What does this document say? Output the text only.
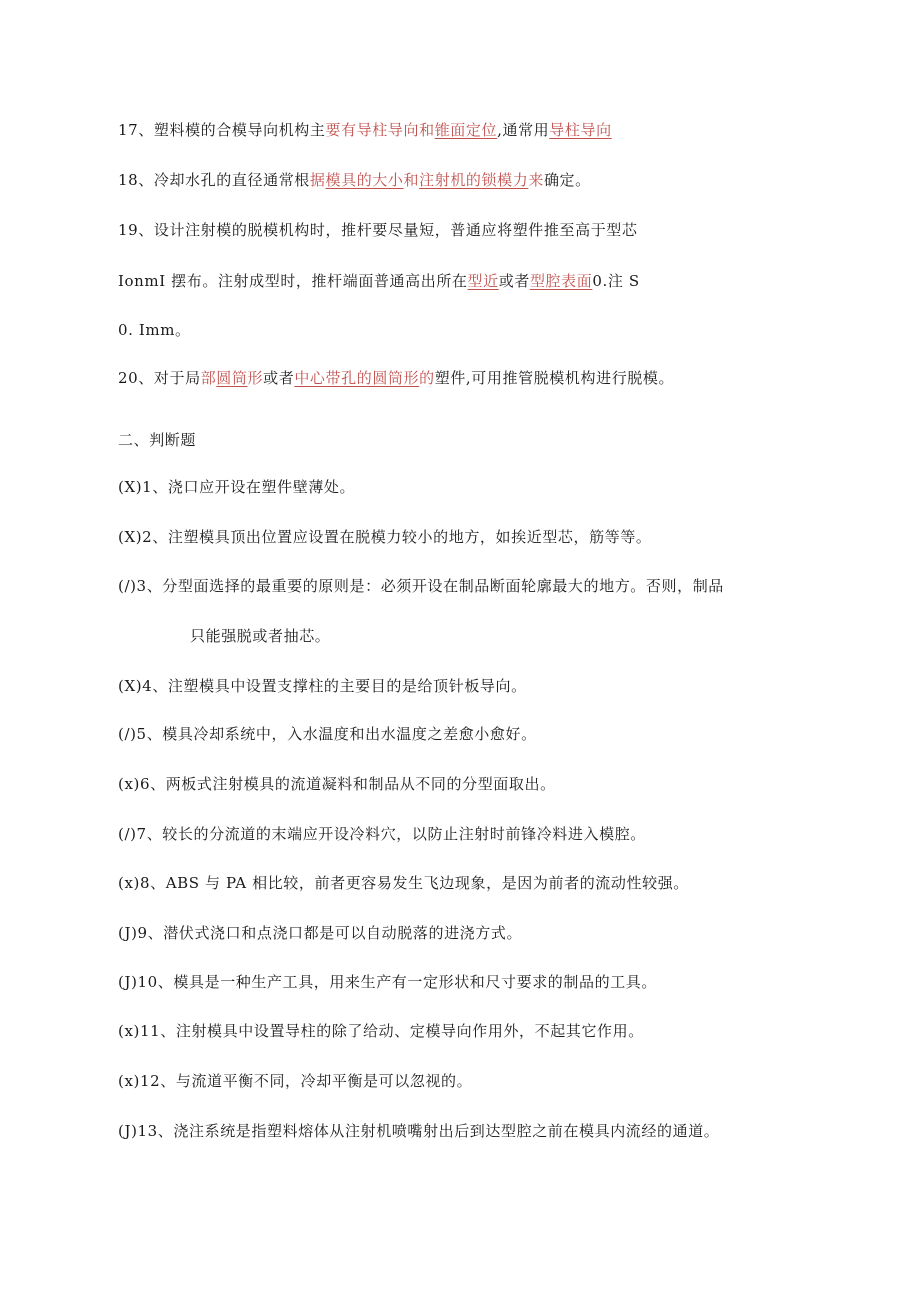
17、塑料模的合模导向机构主要有导柱导向和锥面定位,通常用导柱导向
18、冷却水孔的直径通常根据模具的大小和注射机的锁模力来确定。
19、设计注射模的脱模机构时，推杆要尽量短，普通应将塑件推至高于型芯
IonmI 摆布。注射成型时，推杆端面普通高出所在型近或者型腔表面0.注 S
0. Imm。
20、对于局部圆筒形或者中心带孔的圆筒形的塑件,可用推管脱模机构进行脱模。
二、判断题
(X)1、浇口应开设在塑件壁薄处。
(X)2、注塑模具顶出位置应设置在脱模力较小的地方，如挨近型芯，筋等等。
(/)3、分型面选择的最重要的原则是：必须开设在制品断面轮廓最大的地方。否则，制品
只能强脱或者抽芯。
(X)4、注塑模具中设置支撑柱的主要目的是给顶针板导向。
(/)5、模具冷却系统中，入水温度和出水温度之差愈小愈好。
(x)6、两板式注射模具的流道凝料和制品从不同的分型面取出。
(/)7、较长的分流道的末端应开设冷料穴，以防止注射时前锋冷料进入模腔。
(x)8、ABS 与 PA 相比较，前者更容易发生飞边现象，是因为前者的流动性较强。
(J)9、潜伏式浇口和点浇口都是可以自动脱落的进浇方式。
(J)10、模具是一种生产工具，用来生产有一定形状和尺寸要求的制品的工具。
(x)11、注射模具中设置导柱的除了给动、定模导向作用外，不起其它作用。
(x)12、与流道平衡不同，冷却平衡是可以忽视的。
(J)13、浇注系统是指塑料熔体从注射机喷嘴射出后到达型腔之前在模具内流经的通道。
